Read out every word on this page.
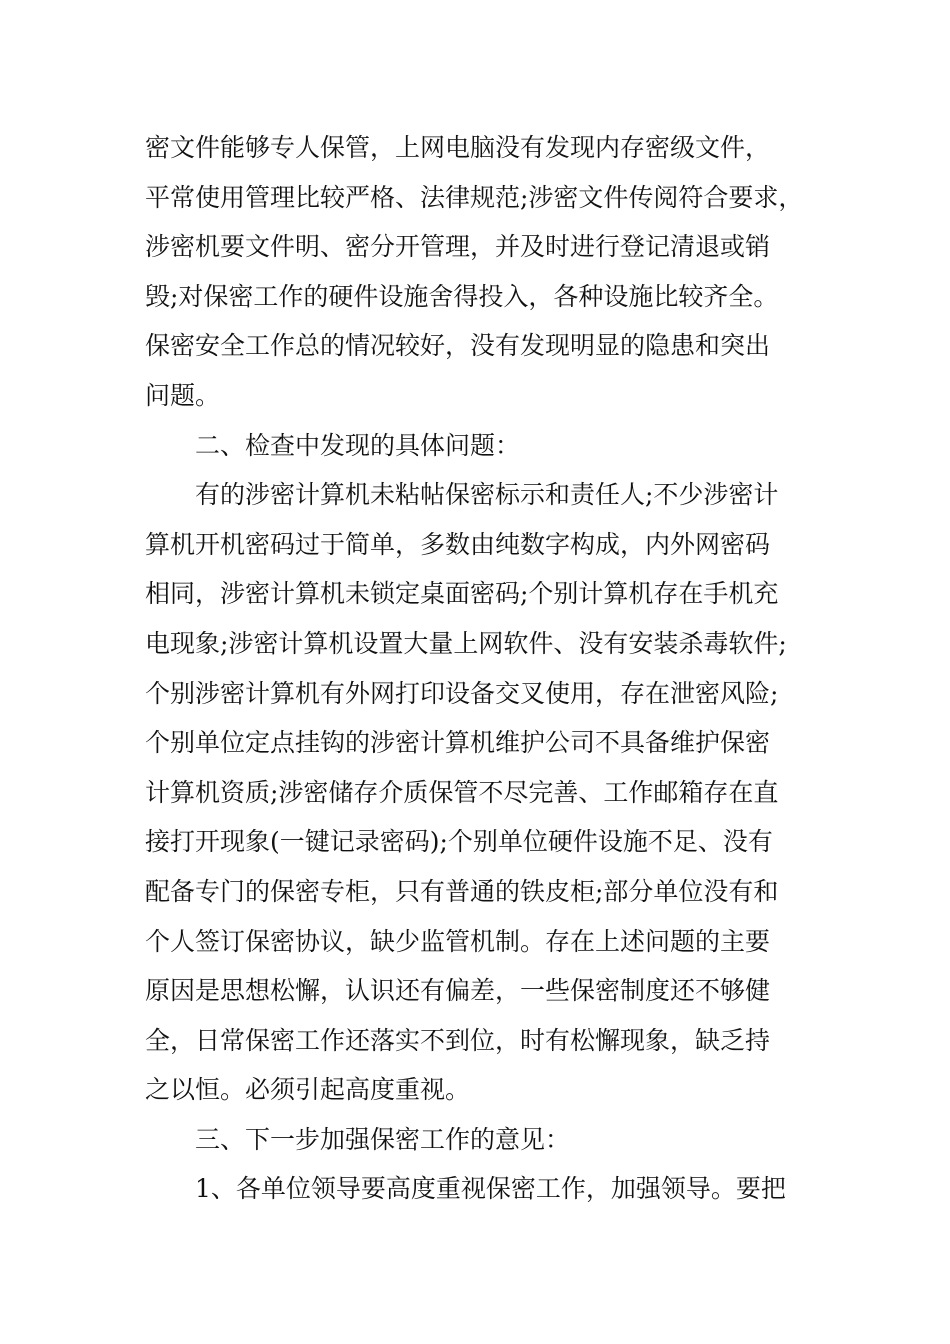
密文件能够专人保管，上网电脑没有发现内存密级文件，
平常使用管理比较严格、法律规范;涉密文件传阅符合要求，
涉密机要文件明、密分开管理，并及时进行登记清退或销
毁;对保密工作的硬件设施舍得投入，各种设施比较齐全。
保密安全工作总的情况较好，没有发现明显的隐患和突出
问题。
二、检查中发现的具体问题：
有的涉密计算机未粘帖保密标示和责任人;不少涉密计
算机开机密码过于简单，多数由纯数字构成，内外网密码
相同，涉密计算机未锁定桌面密码;个别计算机存在手机充
电现象;涉密计算机设置大量上网软件、没有安装杀毒软件;
个别涉密计算机有外网打印设备交叉使用，存在泄密风险;
个别单位定点挂钩的涉密计算机维护公司不具备维护保密
计算机资质;涉密储存介质保管不尽完善、工作邮箱存在直
接打开现象(一键记录密码);个别单位硬件设施不足、没有
配备专门的保密专柜，只有普通的铁皮柜;部分单位没有和
个人签订保密协议，缺少监管机制。存在上述问题的主要
原因是思想松懈，认识还有偏差，一些保密制度还不够健
全，日常保密工作还落实不到位，时有松懈现象，缺乏持
之以恒。必须引起高度重视。
三、下一步加强保密工作的意见：
1、各单位领导要高度重视保密工作，加强领导。要把
